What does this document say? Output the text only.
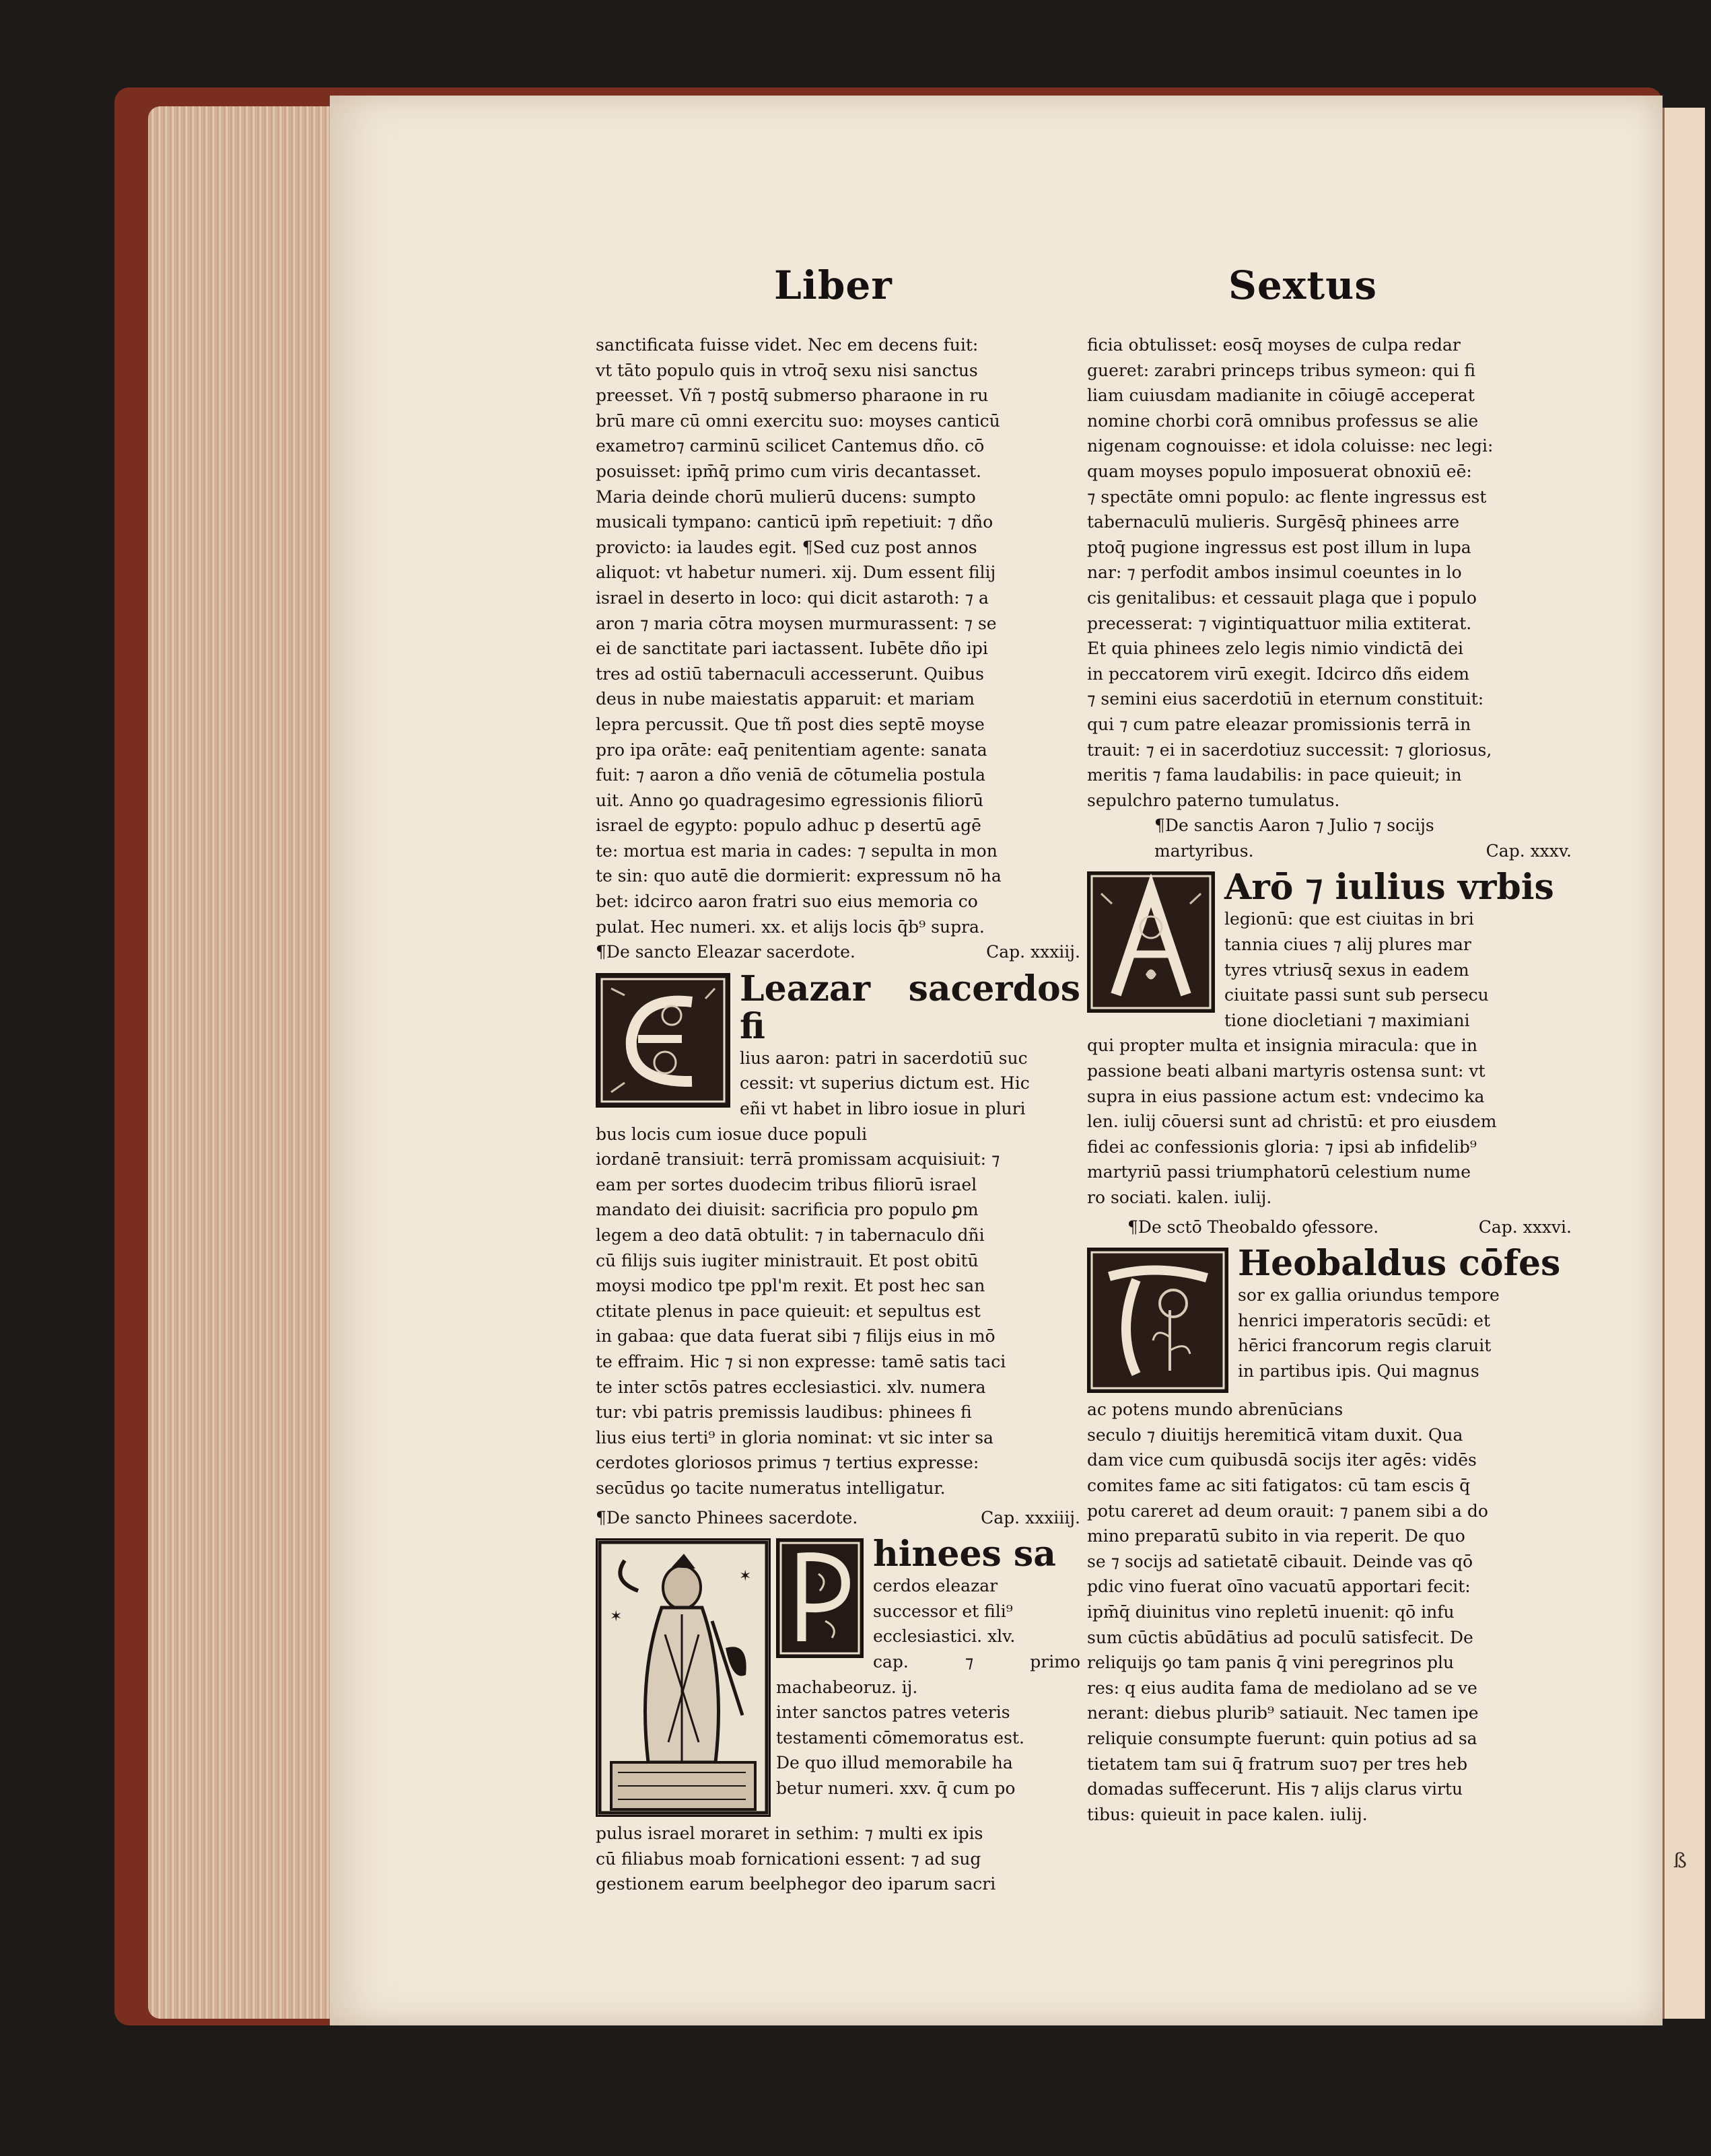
ß
Liber	Sextus

sanctificata fuisse videt. Nec em decens fuit:

vt tāto populo quis in vtroq̄ sexu nisi sanctus

preesset. Vñ ⁊ postq̄ submerso pharaone in ru

brū mare cū omni exercitu suo: moyses canticū

exametro⁊ carminū scilicet Cantemus dño. cō

posuisset: ipm̄q̄ primo cum viris decantasset.

Maria deinde chorū mulierū ducens: sumpto

musicali tympano: canticū ipm̄ repetiuit: ⁊ dño

provicto: ia laudes egit. ¶Sed cuz post annos

aliquot: vt habetur numeri. xij. Dum essent filij

israel in deserto in loco: qui dicit astaroth: ⁊ a

aron ⁊ maria cōtra moysen murmurassent: ⁊ se

ei de sanctitate pari iactassent. Iubēte dño ipi

tres ad ostiū tabernaculi accesserunt. Quibus

deus in nube maiestatis apparuit: et mariam

lepra percussit. Que tñ post dies septē moyse

pro ipa orāte: eaq̄ penitentiam agente: sanata

fuit: ⁊ aaron a dño veniā de cōtumelia postula

uit. Anno ꝯo quadragesimo egressionis filiorū

israel de egypto: populo adhuc p desertū agē

te: mortua est maria in cades: ⁊ sepulta in mon

te sin: quo autē die dormierit: expressum nō ha

bet: idcirco aaron fratri suo eius memoria co

pulat. Hec numeri. xx. et alijs locis q̄b⁹ supra.

¶De sancto Eleazar sacerdote.	Cap. xxxiij.

Leazar sacerdos fi

lius aaron: patri in sacerdotiū suc

cessit: vt superius dictum est. Hic

eñi vt habet in libro iosue in pluri

bus locis cum iosue duce populi

iordanē transiuit: terrā promissam acquisiuit: ⁊

eam per sortes duodecim tribus filiorū israel

mandato dei diuisit: sacrificia pro populo ꝑm

legem a deo datā obtulit: ⁊ in tabernaculo dñi

cū filijs suis iugiter ministrauit. Et post obitū

moysi modico tpe ppl'm rexit. Et post hec san

ctitate plenus in pace quieuit: et sepultus est

in gabaa: que data fuerat sibi ⁊ filijs eius in mō

te effraim. Hic ⁊ si non expresse: tamē satis taci

te inter sctōs patres ecclesiastici. xlv. numera

tur: vbi patris premissis laudibus: phinees fi

lius eius terti⁹ in gloria nominat: vt sic inter sa

cerdotes gloriosos primus ⁊ tertius expresse:

secūdus ꝯo tacite numeratus intelligatur.

¶De sancto Phinees sacerdote.	Cap. xxxiiij.

✶
✶
hinees sa

cerdos eleazar

successor et fili⁹

ecclesiastici. xlv.

cap. ⁊ primo machabeoruz. ij.

inter sanctos patres veteris

testamenti cōmemoratus est.

De quo illud memorabile ha

betur numeri. xxv. q̄ cum po

pulus israel moraret in sethim: ⁊ multi ex ipis

cū filiabus moab fornicationi essent: ⁊ ad sug

gestionem earum beelphegor deo iparum sacri

ficia obtulisset: eosq̄ moyses de culpa redar

gueret: zarabri princeps tribus symeon: qui fi

liam cuiusdam madianite in cōiugē acceperat

nomine chorbi corā omnibus professus se alie

nigenam cognouisse: et idola coluisse: nec legi:

quam moyses populo imposuerat obnoxiū eē:

⁊ spectāte omni populo: ac flente ingressus est

tabernaculū mulieris. Surgēsq̄ phinees arre

ptoq̄ pugione ingressus est post illum in lupa

nar: ⁊ perfodit ambos insimul coeuntes in lo

cis genitalibus: et cessauit plaga que i populo

precesserat: ⁊ vigintiquattuor milia extiterat.

Et quia phinees zelo legis nimio vindictā dei

in peccatorem virū exegit. Idcirco dñs eidem

⁊ semini eius sacerdotiū in eternum constituit:

qui ⁊ cum patre eleazar promissionis terrā in

trauit: ⁊ ei in sacerdotiuz successit: ⁊ gloriosus,

meritis ⁊ fama laudabilis: in pace quieuit; in

sepulchro paterno tumulatus.

¶De sanctis Aaron ⁊ Julio ⁊ socijs

martyribus.	Cap. xxxv.

Arō ⁊ iulius vrbis

legionū: que est ciuitas in bri

tannia ciues ⁊ alij plures mar

tyres vtriusq̄ sexus in eadem

ciuitate passi sunt sub persecu

tione diocletiani ⁊ maximiani

qui propter multa et insignia miracula: que in

passione beati albani martyris ostensa sunt: vt

supra in eius passione actum est: vndecimo ka

len. iulij cōuersi sunt ad christū: et pro eiusdem

fidei ac confessionis gloria: ⁊ ipsi ab infidelib⁹

martyriū passi triumphatorū celestium nume

ro sociati. kalen. iulij.

¶De sctō Theobaldo ꝯfessore.	Cap. xxxvi.

Heobaldus cōfes

sor ex gallia oriundus tempore

henrici imperatoris secūdi: et

hērici francorum regis claruit

in partibus ipis. Qui magnus

ac potens mundo abrenūcians

seculo ⁊ diuitijs heremiticā vitam duxit. Qua

dam vice cum quibusdā socijs iter agēs: vidēs

comites fame ac siti fatigatos: cū tam escis q̄

potu careret ad deum orauit: ⁊ panem sibi a do

mino preparatū subito in via reperit. De quo

se ⁊ socijs ad satietatē cibauit. Deinde vas qō

pdic vino fuerat oīno vacuatū apportari fecit:

ipm̄q̄ diuinitus vino repletū inuenit: qō infu

sum cūctis abūdātius ad poculū satisfecit. De

reliquijs ꝯo tam panis q̄ vini peregrinos plu

res: q eius audita fama de mediolano ad se ve

nerant: diebus plurib⁹ satiauit. Nec tamen ipe

reliquie consumpte fuerunt: quin potius ad sa

tietatem tam sui q̄ fratrum suo⁊ per tres heb

domadas suffecerunt. His ⁊ alijs clarus virtu

tibus: quieuit in pace kalen. iulij.
